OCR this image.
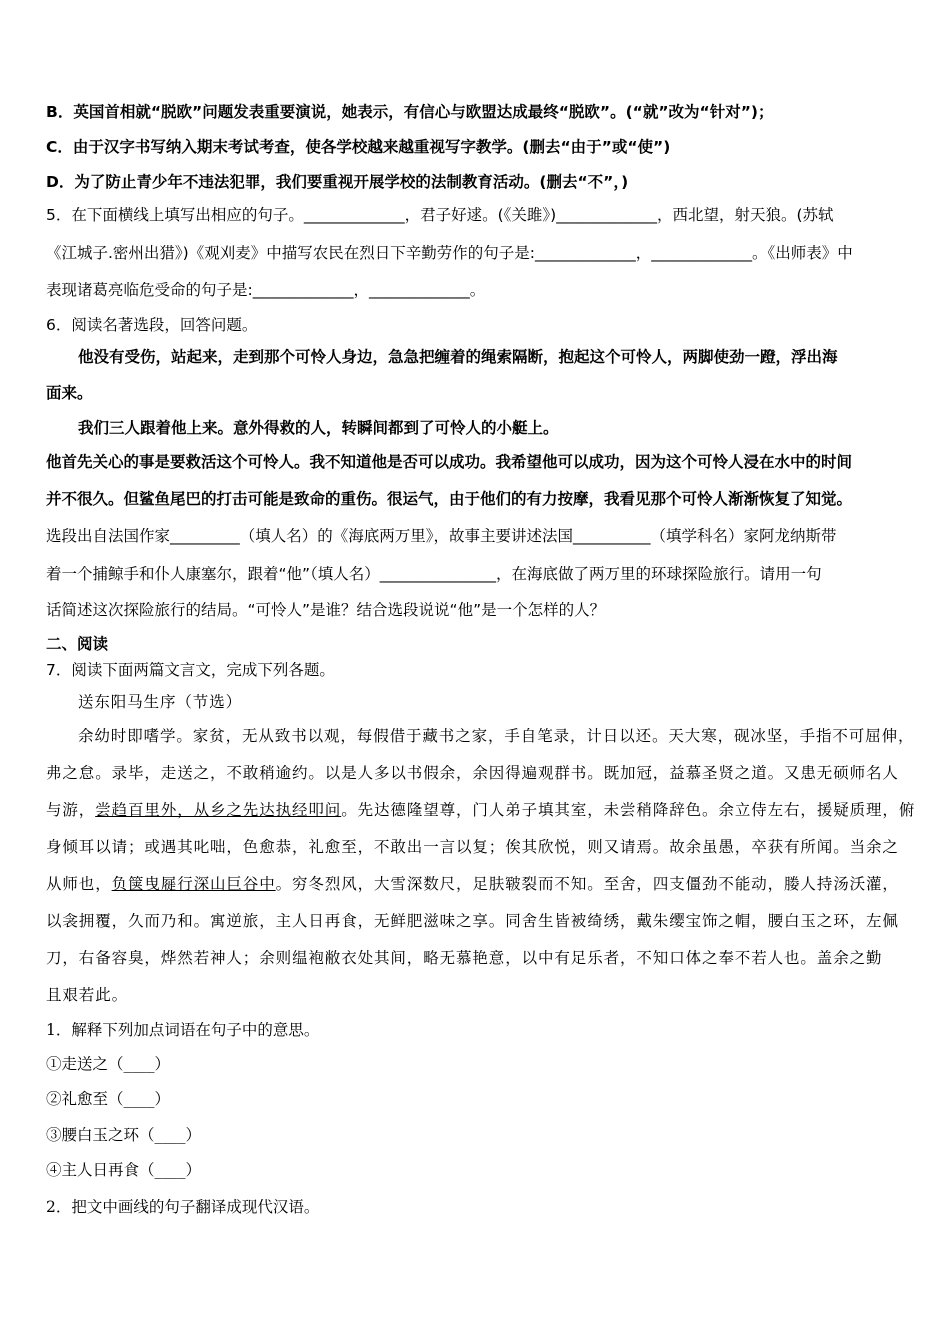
B．英国首相就“脱欧”问题发表重要演说，她表示，有信心与欧盟达成最终“脱欧”。(“就”改为“针对”)；
C．由于汉字书写纳入期末考试考查，使各学校越来越重视写字教学。(删去“由于”或“使”)
D．为了防止青少年不违法犯罪，我们要重视开展学校的法制教育活动。(删去“不”，)
5．在下面横线上填写出相应的句子。_____________，君子好逑。(《关雎》)_____________，西北望，射天狼。(苏轼
《江城子.密州出猎》)《观刈麦》中描写农民在烈日下辛勤劳作的句子是:_____________，_____________。《出师表》中
表现诸葛亮临危受命的句子是:_____________，_____________。
6．阅读名著选段，回答问题。
他没有受伤，站起来，走到那个可怜人身边，急急把缠着的绳索隔断，抱起这个可怜人，两脚使劲一蹬，浮出海
面来。
我们三人跟着他上来。意外得救的人，转瞬间都到了可怜人的小艇上。
他首先关心的事是要救活这个可怜人。我不知道他是否可以成功。我希望他可以成功，因为这个可怜人浸在水中的时间
并不很久。但鲨鱼尾巴的打击可能是致命的重伤。很运气，由于他们的有力按摩，我看见那个可怜人渐渐恢复了知觉。
选段出自法国作家_________（填人名）的《海底两万里》，故事主要讲述法国__________（填学科名）家阿龙纳斯带
着一个捕鲸手和仆人康塞尔，跟着“他”（填人名）_______________，在海底做了两万里的环球探险旅行。请用一句
话简述这次探险旅行的结局。“可怜人”是谁？结合选段说说“他”是一个怎样的人？
二、阅读
7．阅读下面两篇文言文，完成下列各题。
送东阳马生序（节选）
余幼时即嗜学。家贫，无从致书以观，每假借于藏书之家，手自笔录，计日以还。天大寒，砚冰坚，手指不可屈伸，
弗之怠。录毕，走送之，不敢稍逾约。以是人多以书假余，余因得遍观群书。既加冠，益慕圣贤之道。又患无硕师名人
与游，尝趋百里外，从乡之先达执经叩问。先达德隆望尊，门人弟子填其室，未尝稍降辞色。余立侍左右，援疑质理，俯
身倾耳以请；或遇其叱咄，色愈恭，礼愈至，不敢出一言以复；俟其欣悦，则又请焉。故余虽愚，卒获有所闻。当余之
从师也，负箧曳屣行深山巨谷中。穷冬烈风，大雪深数尺，足肤皲裂而不知。至舍，四支僵劲不能动，媵人持汤沃灌，
以衾拥覆，久而乃和。寓逆旅，主人日再食，无鲜肥滋味之享。同舍生皆被绮绣，戴朱缨宝饰之帽，腰白玉之环，左佩
刀，右备容臭，烨然若神人；余则缊袍敝衣处其间，略无慕艳意，以中有足乐者，不知口体之奉不若人也。盖余之勤
且艰若此。
1．解释下列加点词语在句子中的意思。
①走送之（____）
②礼愈至（____）
③腰白玉之环（____）
④主人日再食（____）
2．把文中画线的句子翻译成现代汉语。
